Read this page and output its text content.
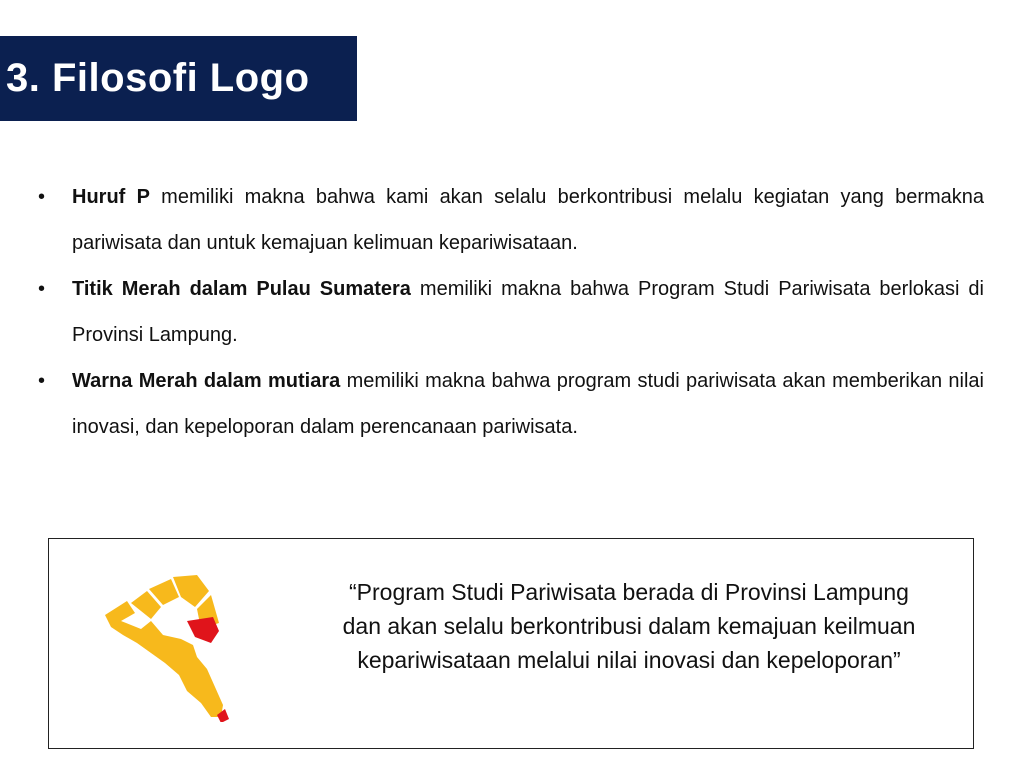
3. Filosofi Logo
• Huruf P memiliki makna bahwa kami akan selalu berkontribusi melalu kegiatan yang bermakna pariwisata dan untuk kemajuan kelimuan kepariwisataan.
• Titik Merah dalam Pulau Sumatera memiliki makna bahwa Program Studi Pariwisata berlokasi di Provinsi Lampung.
• Warna Merah dalam mutiara memiliki makna bahwa program studi pariwisata akan memberikan nilai inovasi, dan kepeloporan dalam perencanaan pariwisata.
“Program Studi Pariwisata berada di Provinsi Lampung dan akan selalu berkontribusi dalam kemajuan keilmuan kepariwisataan melalui nilai inovasi dan kepeloporan”
